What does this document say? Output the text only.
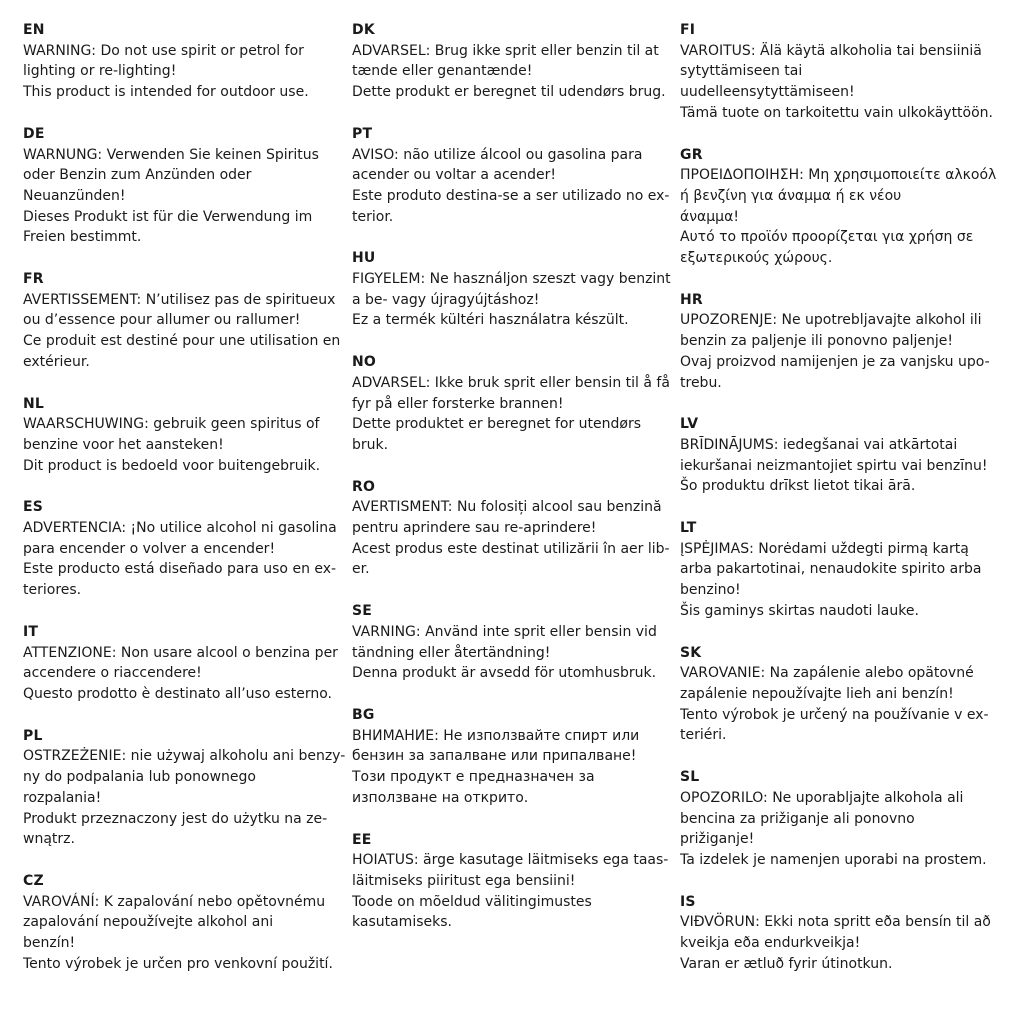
EN
WARNING: Do not use spirit or petrol for
lighting or re-lighting!
This product is intended for outdoor use.
DE
WARNUNG: Verwenden Sie keinen Spiritus
oder Benzin zum Anzünden oder
Neuanzünden!
Dieses Produkt ist für die Verwendung im
Freien bestimmt.
FR
AVERTISSEMENT: N’utilisez pas de spiritueux
ou d’essence pour allumer ou rallumer!
Ce produit est destiné pour une utilisation en
extérieur.
NL
WAARSCHUWING: gebruik geen spiritus of
benzine voor het aansteken!
Dit product is bedoeld voor buitengebruik.
ES
ADVERTENCIA: ¡No utilice alcohol ni gasolina
para encender o volver a encender!
Este producto está diseñado para uso en ex-
teriores.
IT
ATTENZIONE: Non usare alcool o benzina per
accendere o riaccendere!
Questo prodotto è destinato all’uso esterno.
PL
OSTRZEŻENIE: nie używaj alkoholu ani benzy-
ny do podpalania lub ponownego
rozpalania!
Produkt przeznaczony jest do użytku na ze-
wnątrz.
CZ
VAROVÁNÍ: K zapalování nebo opětovnému
zapalování nepoužívejte alkohol ani
benzín!
Tento výrobek je určen pro venkovní použití.
DK
ADVARSEL: Brug ikke sprit eller benzin til at
tænde eller genantænde!
Dette produkt er beregnet til udendørs brug.
PT
AVISO: não utilize álcool ou gasolina para
acender ou voltar a acender!
Este produto destina-se a ser utilizado no ex-
terior.
HU
FIGYELEM: Ne használjon szeszt vagy benzint
a be- vagy újragyújtáshoz!
Ez a termék kültéri használatra készült.
NO
ADVARSEL: Ikke bruk sprit eller bensin til å få
fyr på eller forsterke brannen!
Dette produktet er beregnet for utendørs
bruk.
RO
AVERTISMENT: Nu folosiți alcool sau benzină
pentru aprindere sau re-aprindere!
Acest produs este destinat utilizării în aer lib-
er.
SE
VARNING: Använd inte sprit eller bensin vid
tändning eller återtändning!
Denna produkt är avsedd för utomhusbruk.
BG
ВНИМАНИЕ: Не използвайте спирт или
бензин за запалване или припалване!
Този продукт е предназначен за
използване на открито.
EE
HOIATUS: ärge kasutage läitmiseks ega taas-
läitmiseks piiritust ega bensiini!
Toode on mõeldud välitingimustes
kasutamiseks.
FI
VAROITUS: Älä käytä alkoholia tai bensiiniä
sytyttämiseen tai
uudelleensytyttämiseen!
Tämä tuote on tarkoitettu vain ulkokäyttöön.
GR
ΠΡΟΕΙΔΟΠΟΙΗΣΗ: Μη χρησιμοποιείτε αλκοόλ
ή βενζίνη για άναμμα ή εκ νέου
άναμμα!
Αυτό το προϊόν προορίζεται για χρήση σε
εξωτερικούς χώρους.
HR
UPOZORENJE: Ne upotrebljavajte alkohol ili
benzin za paljenje ili ponovno paljenje!
Ovaj proizvod namijenjen je za vanjsku upo-
trebu.
LV
BRĪDINĀJUMS: iedegšanai vai atkārtotai
iekuršanai neizmantojiet spirtu vai benzīnu!
Šo produktu drīkst lietot tikai ārā.
LT
ĮSPĖJIMAS: Norėdami uždegti pirmą kartą
arba pakartotinai, nenaudokite spirito arba
benzino!
Šis gaminys skirtas naudoti lauke.
SK
VAROVANIE: Na zapálenie alebo opätovné
zapálenie nepoužívajte lieh ani benzín!
Tento výrobok je určený na používanie v ex-
teriéri.
SL
OPOZORILO: Ne uporabljajte alkohola ali
bencina za prižiganje ali ponovno
prižiganje!
Ta izdelek je namenjen uporabi na prostem.
IS
VIÐVÖRUN: Ekki nota spritt eða bensín til að
kveikja eða endurkveikja!
Varan er ætluð fyrir útinotkun.
